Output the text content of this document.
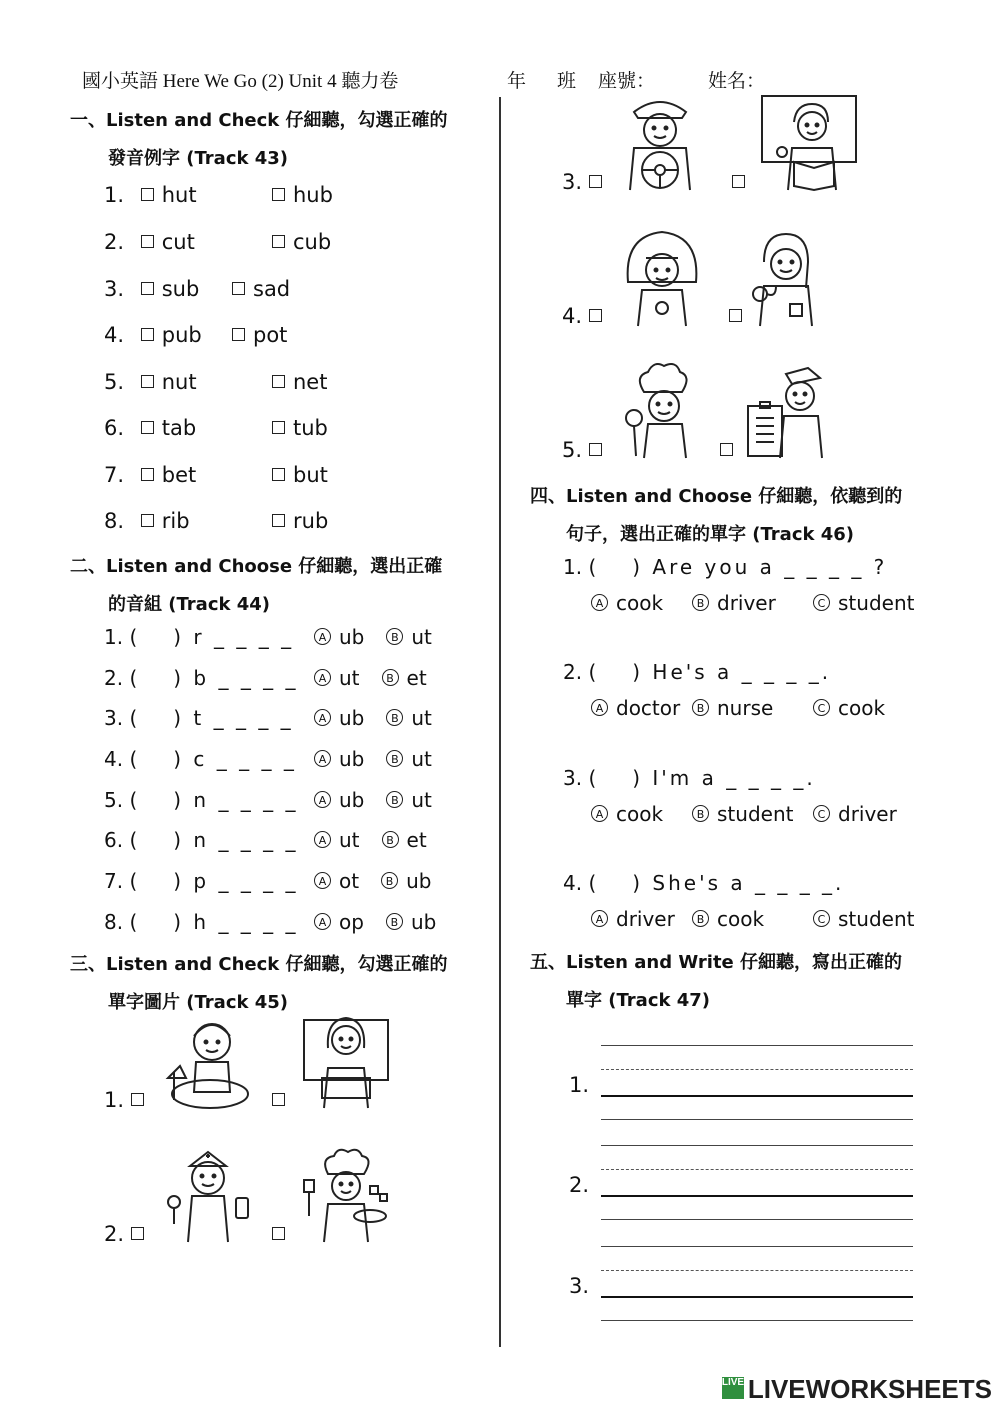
國小英語 Here We Go (2) Unit 4 聽力卷	年 班 座號：	姓名：
一、Listen and Check 仔細聽，勾選正確的
發音例字 (Track 43)
1. hut	hub
2. cut	cub
3. sub	sad
4. pub	pot
5. nut	net
6. tab	tub
7. bet	but
8. rib	rub
二、Listen and Choose 仔細聽，選出正確
的音組 (Track 44)
1. ( ) r _ _ _ _	A ub B ut
2. ( ) b _ _ _ _	A ut B et
3. ( ) t _ _ _ _	A ub B ut
4. ( ) c _ _ _ _	A ub B ut
5. ( ) n _ _ _ _	A ub B ut
6. ( ) n _ _ _ _	A ut B et
7. ( ) p _ _ _ _	A ot B ub
8. ( ) h _ _ _ _	A op B ub
三、Listen and Check 仔細聽，勾選正確的
單字圖片 (Track 45)
1.
2.
3.
4.
5.
四、Listen and Choose 仔細聽，依聽到的
句子，選出正確的單字 (Track 46)
1. ( ) Are you a _ _ _ _ ?
A cook	B driver	C student
2. ( ) He's a _ _ _ _.
A doctor	B nurse	C cook
3. ( ) I'm a _ _ _ _.
A cook	B student	C driver
4. ( ) She's a _ _ _ _.
A driver	B cook	C student
五、Listen and Write 仔細聽，寫出正確的
單字 (Track 47)
1.
2.
3.
LIVE LIVEWORKSHEETS
